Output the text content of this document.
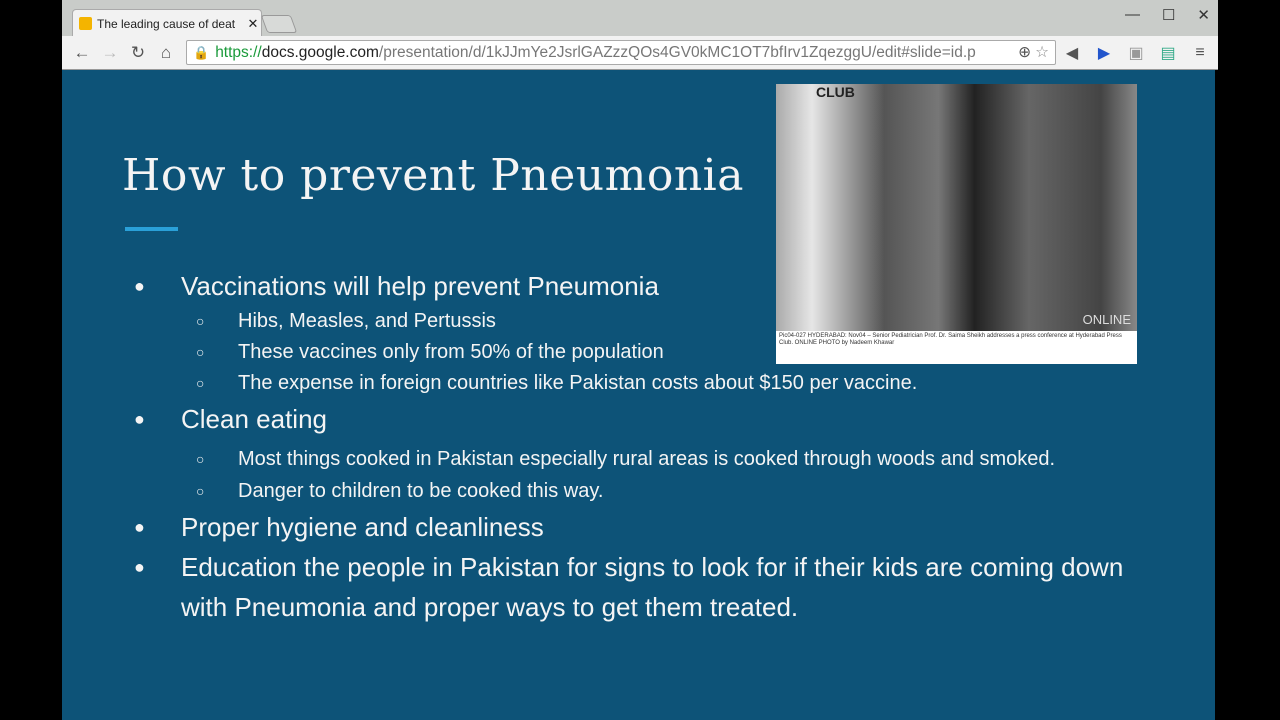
The leading cause of deat ✕	— ☐ ✕
← → ↻ ⌂	🔒 https://docs.google.com/presentation/d/1kJJmYe2JsrlGAZzzQOs4GV0kMC1OT7bfIrv1ZqezggU/edit#slide=id.p	⊕ ☆	◀	▶	▣	▤	≡
How to prevent Pneumonia
CLUB
ONLINE
Pic04-027 HYDERABAD: Nov04 – Senior Pediatrician Prof. Dr. Saima Sheikh addresses a press conference at Hyderabad Press Club. ONLINE PHOTO by Nadeem Khawar
● Vaccinations will help prevent Pneumonia
○ Hibs, Measles, and Pertussis
○ These vaccines only from 50% of the population
○ The expense in foreign countries like Pakistan costs about $150 per vaccine.
● Clean eating
○ Most things cooked in Pakistan especially rural areas is cooked through woods and smoked.
○ Danger to children to be cooked this way.
● Proper hygiene and cleanliness
● Education the people in Pakistan for signs to look for if their kids are coming down with Pneumonia and proper ways to get them treated.
